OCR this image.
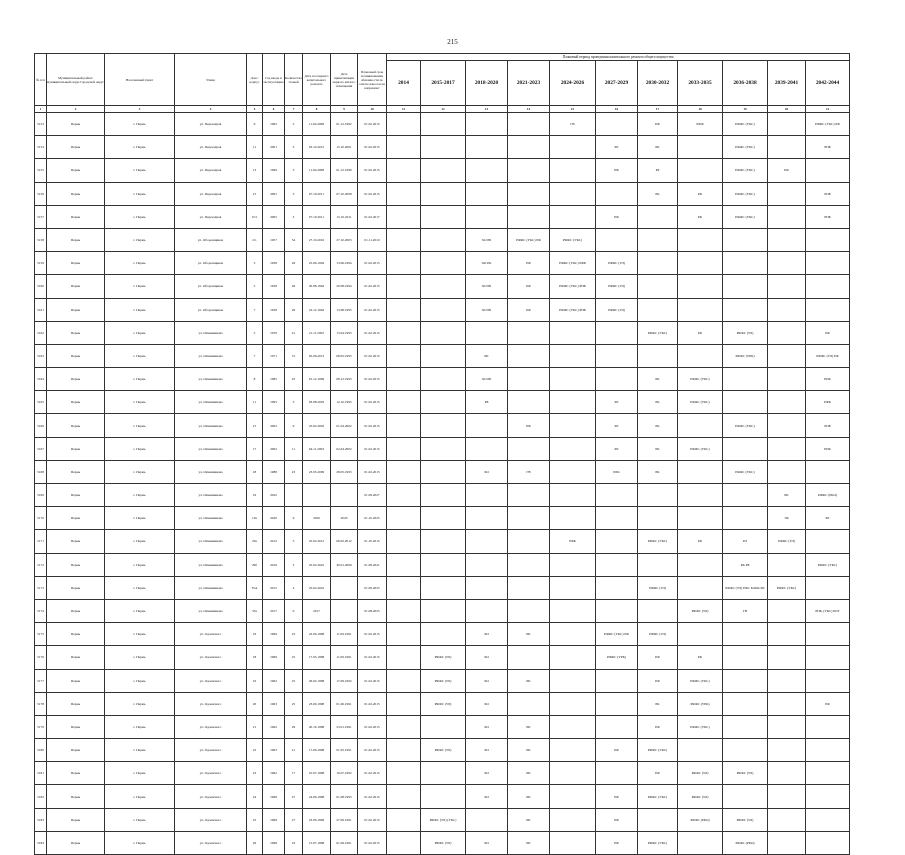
215
№ п/п	Муниципальный район/муниципальный округ/городской округ	Населенный пункт	Улица	Дом / корпус	Год ввода в эксплуатацию	Количество этажей	Дата последнего капитального ремонта	Дата приватизации первого жилого помещения	Плановый срок возникновения обязанности по оплате взносов на капремонт	Плановый период проведения капитального ремонта общего имущества										
										2014	2015-2017	2018-2020	2021-2023	2024-2026	2027-2029	2030-2032	2033-2035	2036-2038	2039-2041	2042-2044
1	2	3	4	5	6	7	8	9	10	11	12	13	14	15	16	17	18	19	20	21
5153	Пермь	г. Пермь	ул. Переездная	9	1992	5	11.04.2008	01.12.1992	01.02.2015					ГВ		РФ	РФФ	РФФС (УКС)		РФФС (УКС) РФ
5154	Пермь	г. Пермь	ул. Переездная	11	2001	3	03.10.2012	15.10.2001	01.02.2015						РЛ	РК		РФФС (УКС)		РПБ
5155	Пермь	г. Пермь	ул. Переездная	13	1999	5	11.04.2008	01.12.1999	01.02.2015						РФ	РР		РФФС (УКС)	РФ	
5156	Пермь	г. Пермь	ул. Переездная	15	2005	5	07.10.2011	07.10.2008	01.02.2015							РК	РК	РФФС (УКС)		РПБ
5157	Пермь	г. Пермь	ул. Переездная	15/1	2005	3	07.10.2011	15.10.2011	01.02.2017						РФ		РК	РФФС (УКС)		РПБ
5158	Пермь	г. Пермь	ул. Оборонщиков	2/1	1957	54	27.10.2016	27.10.2003	01.11.2010			ХО РБ	РФФС (УКС) РФ	РФФС (УКС)						
5159	Пермь	г. Пермь	ул. Оборонщиков	3	1958	26	25.06.1994	13.06.1994	01.02.2015			ХО РК	РФ	РФФС (УКС) РФБ	РФФС (УЛ)					
5160	Пермь	г. Пермь	ул. Оборонщиков	5	1958	26	20.08.1994	20.08.1994	01.02.2015			ХО РБ	РФ	РФФС (УКС) РПБ	РФФС (УЛ)					
5161	Пермь	г. Пермь	ул. Оборонщиков	7	1958	29	22.12.1994	13.08.1995	01.02.2015			ХО РБ	РФ	РФФС (УКС) РПБ	РФФС (УЛ)					
5162	Пермь	г. Пермь	ул. Овчинникова	5	1976	21	21.11.2005	13.04.1993	01.02.2015							РФФС (УКС)	РК	РФФС (УЛ)		РФ
5163	Пермь	г. Пермь	ул. Овчинникова	7	1971	31	05.06.2013	08.05.1993	01.02.2015			РК						РФФС (УРК)		РФФС (УЛ) РФ
5164	Пермь	г. Пермь	ул. Овчинникова	8	1985	45	01.12.1999	08.12.1993	01.02.2015			ХО РБ				РК	РФФС (УКС)			РПК
5165	Пермь	г. Пермь	ул. Овчинникова	11	1995	5	03.08.2003	12.10.1995	01.02.2015			РБ			РЛ	РК	РФФС (УКС)			РФК
5166	Пермь	г. Пермь	ул. Овчинникова	15	2002	9	25.02.2002	01.04.2002	01.02.2015				РФ		РЛ	РК		РФФС (УКС)		РПБ
5167	Пермь	г. Пермь	ул. Овчинникова	17	2002	11	04.11.2003	02.04.2002	01.02.2015						РЛ	РК	РФФС (УКС)			РПК
5168	Пермь	г. Пермь	ул. Овчинникова	18	1988	23	23.05.2009	28.05.1993	01.02.2015			ХО	ГВ		РЛК	РК		РФФС (УКС)		
5169	Пермь	г. Пермь	ул. Овчинникова	19	2022				01.09.2027										РК	РФФС (РКО)
5170	Пермь	г. Пермь	ул. Овчинникова	19а	2020	9	2020	2020	01.10.2025										ЭК	РЛ
5171	Пермь	г. Пермь	ул. Овчинникова	29а	2012	5	25.02.2012	06.02.2012	01.10.2015					РФБ		РФФС (УКС)	РК	РЛ	РФФС (УЛ)	
5172	Пермь	г. Пермь	ул. Овчинникова	29б	2016	3	25.02.2022	30.01.2006	01.09.2021									РК РБ		РФФС (УКС)
5173	Пермь	г. Пермь	ул. Овчинникова	35А	2015	4	25.02.2022		01.09.2023							РФФС (УЛ)		РФФС (УЛ) РФС БЛОК РК	РФФС (УКС)	
5174	Пермь	г. Пермь	ул. Овчинникова	35а	2017	0	2017		01.08.2023								РФФС (УЛ)	ГВ		РПБ, (УКС) РПТ
5175	Пермь	г. Пермь	ул. Одоевского	16	1969	25	22.06.1998	11.09.1991	01.02.2015			ХО	РК		РФФС (УКС) РФ	РФФС (УЛ)				
5176	Пермь	г. Пермь	ул. Одоевского	18	1969	25	17.05.1998	11.09.1991	01.02.2015		РФФС (УЛ)	ХО			РФФС (УРК)	РФ	РК			
5177	Пермь	г. Пермь	ул. Одоевского	19	1962	25	26.02.1998	17.09.1992	01.02.2015		РФФС (УЛ)	ХО	РК			РФ	РФФС (УКС)			
5178	Пермь	г. Пермь	ул. Одоевского	20	1963	25	23.09.1998	01.06.1991	01.02.2015		РФФС (УЛ)	ХО				РК	РФФС (УРК)			РФ
5179	Пермь	г. Пермь	ул. Одоевского	21	1962	29	20.10.1998	23.01.1991	01.02.2015			ХО	РК			РФ	РФФС (УКС)			
5180	Пермь	г. Пермь	ул. Одоевского	22	1963	21	17.06.1998	01.05.1991	01.02.2015		РФФС (УЛ)	ХО	РК		РФ	РФФС (УКС)				
5181	Пермь	г. Пермь	ул. Одоевского	23	1962	17	10.07.1998	10.07.1992	01.02.2015			ХО	РК			РФ	РФФС (УЛ)	РФФС (УЛ)		
5182	Пермь	г. Пермь	ул. Одоевского	24	1969	27	24.06.1998	01.08.1993	01.02.2015			ХО	РК		РФ	РФФС (УКС)	РФФС (УЛ)			
5183	Пермь	г. Пермь	ул. Одоевского	25	1968	27	23.06.1999	27.09.1991	01.02.2015		РФФС (УЛ) (УКС)		РК		РФ		РФФС (РКО)	РФФС (УЛ)		
5184	Пермь	г. Пермь	ул. Одоевского	26	1968	16	15.07.1998	01.09.1991	01.02.2015		РФФС (УЛ)	ХО	РК		РФ	РФФС (УКС)		РФФС (РКО)		
